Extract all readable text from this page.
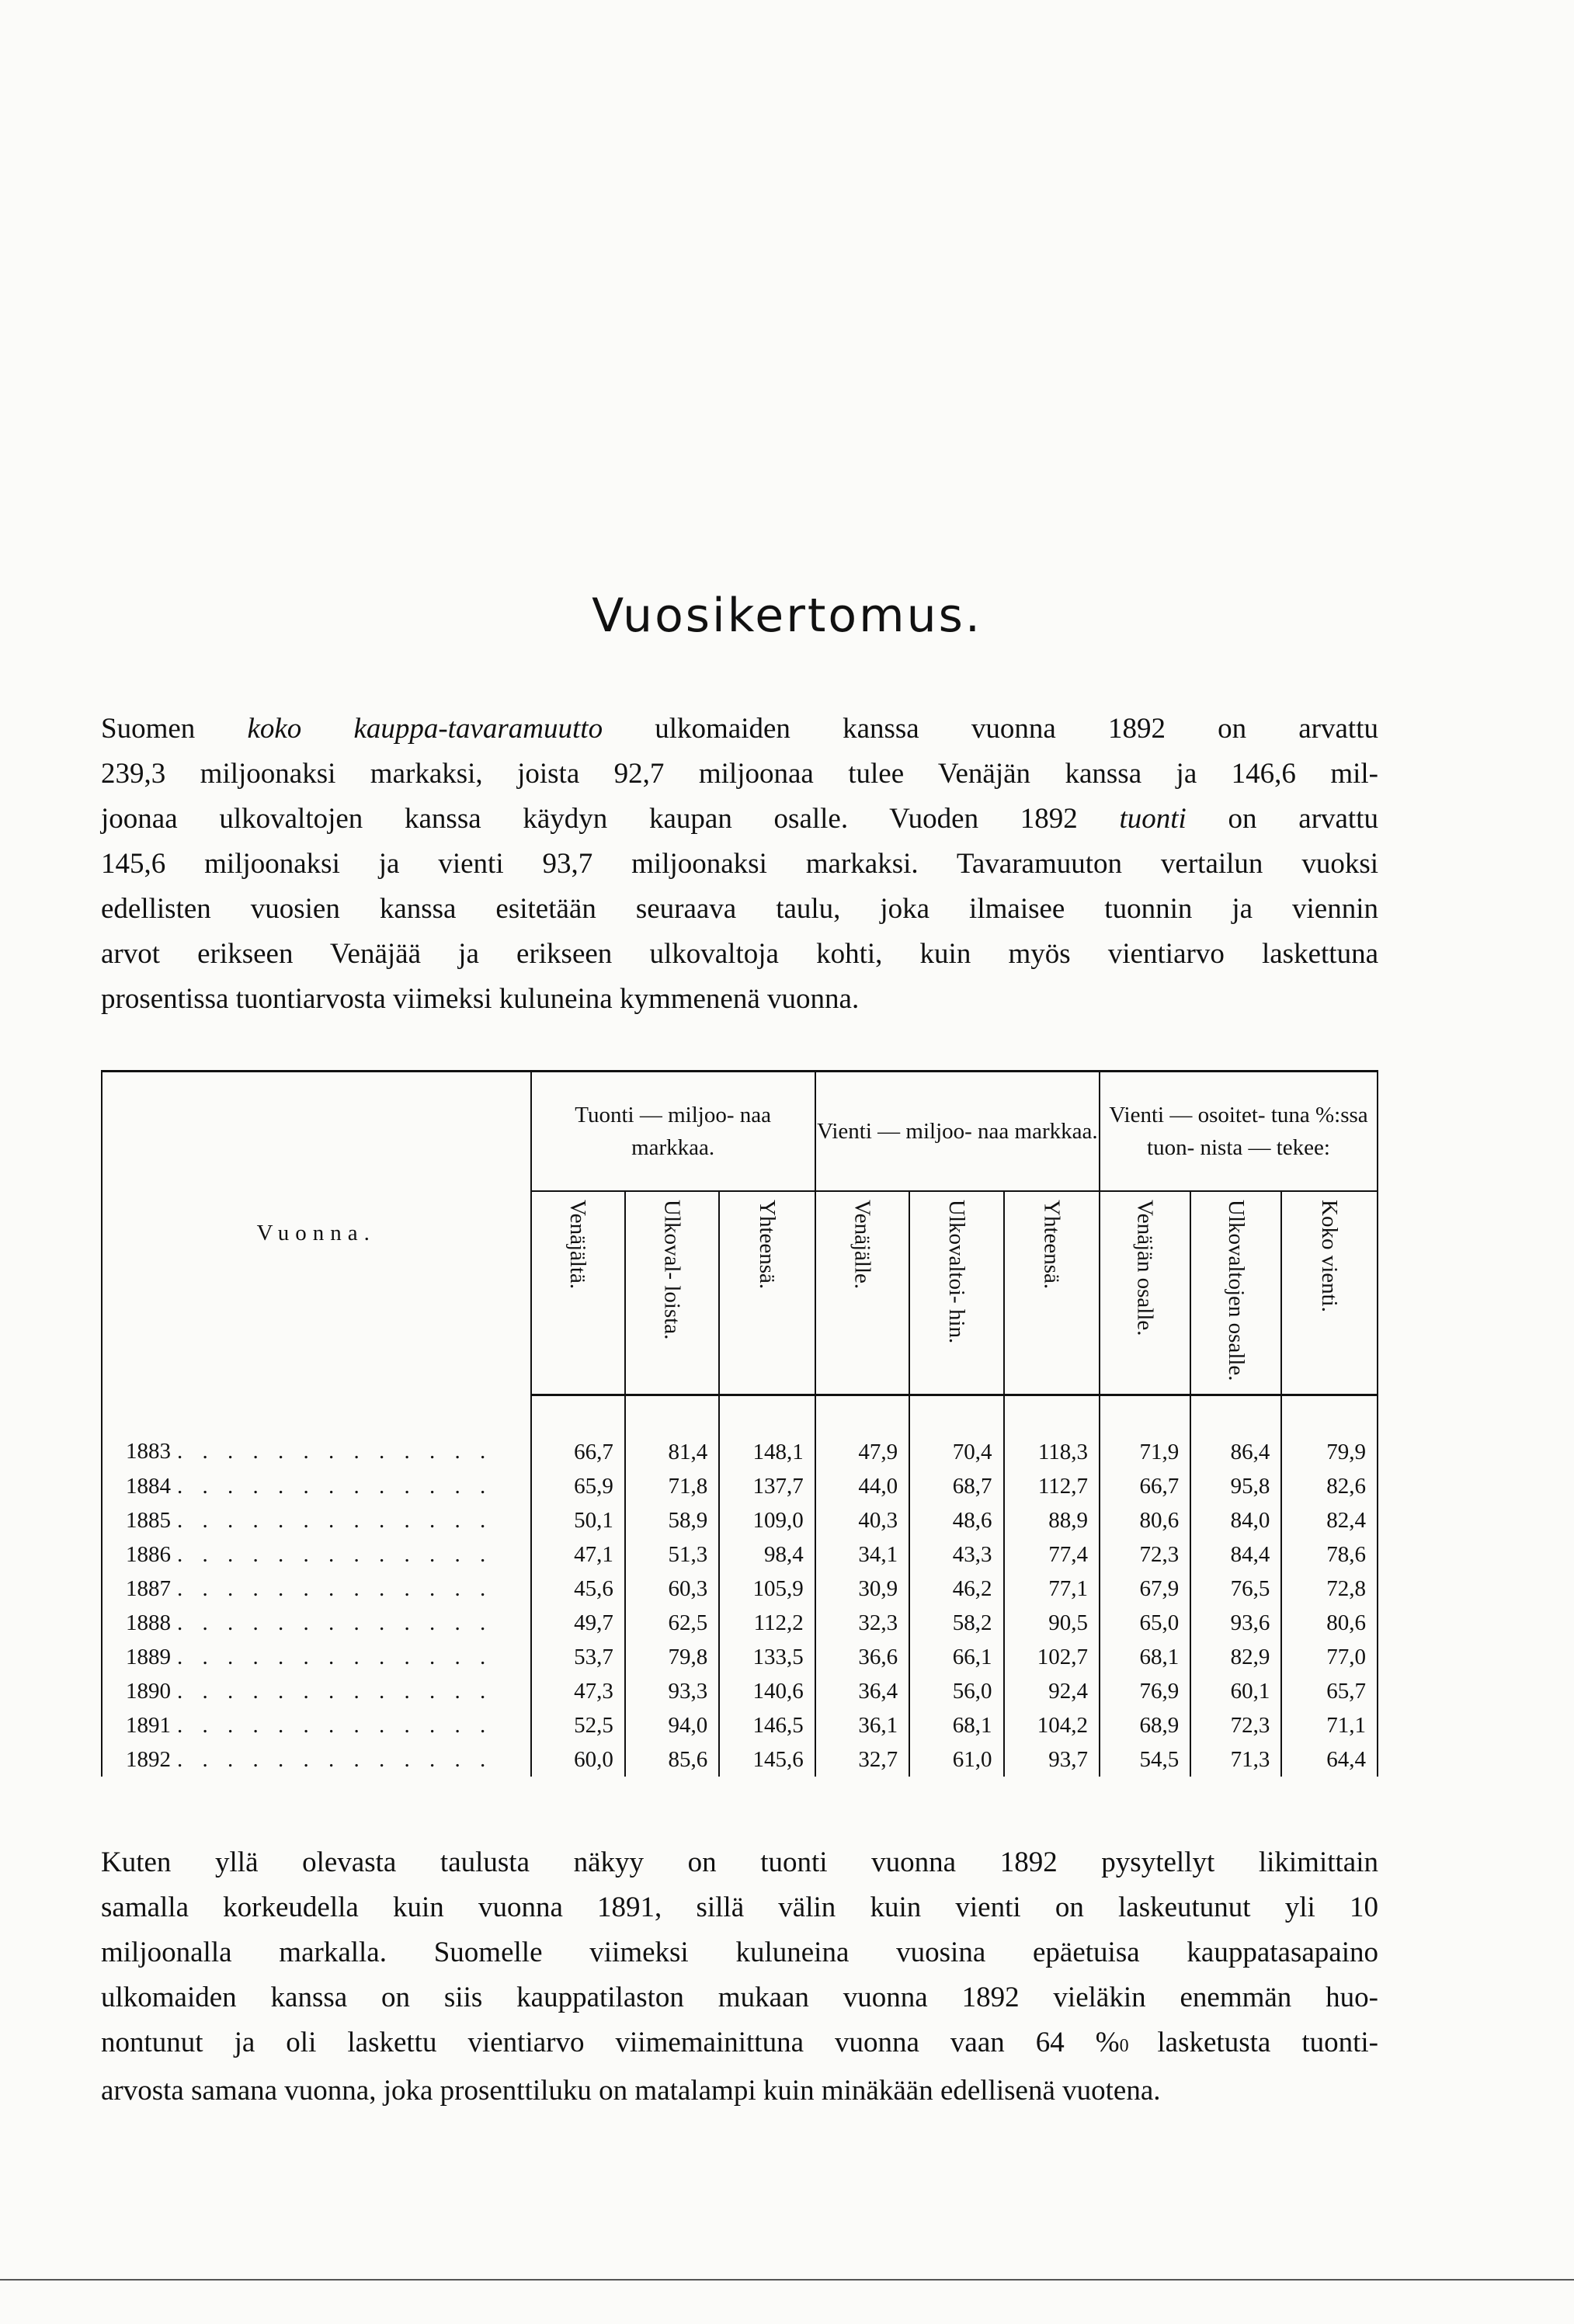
Vuosikertomus.
Suomen koko kauppa-tavaramuutto ulkomaiden kanssa vuonna 1892 on arvattu
239,3 miljoonaksi markaksi, joista 92,7 miljoonaa tulee Venäjän kanssa ja 146,6 mil-
joonaa ulkovaltojen kanssa käydyn kaupan osalle. Vuoden 1892 tuonti on arvattu
145,6 miljoonaksi ja vienti 93,7 miljoonaksi markaksi. Tavaramuuton vertailun vuoksi
edellisten vuosien kanssa esitetään seuraava taulu, joka ilmaisee tuonnin ja viennin
arvot erikseen Venäjää ja erikseen ulkovaltoja kohti, kuin myös vientiarvo laskettuna
prosentissa tuontiarvosta viimeksi kuluneina kymmenenä vuonna.
Vuonna.	Tuonti — miljoo- naa markkaa.			Vienti — miljoo- naa markkaa.			Vienti — osoitet- tuna %:ssa tuon- nista — tekee:		

	Venäjältä.	Ulkoval- loista.	Yhteensä.	Venäjälle.	Ulkovaltoi- hin.	Yhteensä.	Venäjän osalle.	Ulkovaltojen osalle.	Koko vienti.

1883 . . . . . . . . . . . . .	66,7	81,4	148,1	47,9	70,4	118,3	71,9	86,4	79,9
1884 . . . . . . . . . . . . .	65,9	71,8	137,7	44,0	68,7	112,7	66,7	95,8	82,6
1885 . . . . . . . . . . . . .	50,1	58,9	109,0	40,3	48,6	88,9	80,6	84,0	82,4
1886 . . . . . . . . . . . . .	47,1	51,3	98,4	34,1	43,3	77,4	72,3	84,4	78,6
1887 . . . . . . . . . . . . .	45,6	60,3	105,9	30,9	46,2	77,1	67,9	76,5	72,8
1888 . . . . . . . . . . . . .	49,7	62,5	112,2	32,3	58,2	90,5	65,0	93,6	80,6
1889 . . . . . . . . . . . . .	53,7	79,8	133,5	36,6	66,1	102,7	68,1	82,9	77,0
1890 . . . . . . . . . . . . .	47,3	93,3	140,6	36,4	56,0	92,4	76,9	60,1	65,7
1891 . . . . . . . . . . . . .	52,5	94,0	146,5	36,1	68,1	104,2	68,9	72,3	71,1
1892 . . . . . . . . . . . . .	60,0	85,6	145,6	32,7	61,0	93,7	54,5	71,3	64,4
Kuten yllä olevasta taulusta näkyy on tuonti vuonna 1892 pysytellyt likimittain
samalla korkeudella kuin vuonna 1891, sillä välin kuin vienti on laskeutunut yli 10
miljoonalla markalla. Suomelle viimeksi kuluneina vuosina epäetuisa kauppatasapaino
ulkomaiden kanssa on siis kauppatilaston mukaan vuonna 1892 vieläkin enemmän huo-
nontunut ja oli laskettu vientiarvo viimemainittuna vuonna vaan 64 %0 lasketusta tuonti-
arvosta samana vuonna, joka prosenttiluku on matalampi kuin minäkään edellisenä vuotena.
